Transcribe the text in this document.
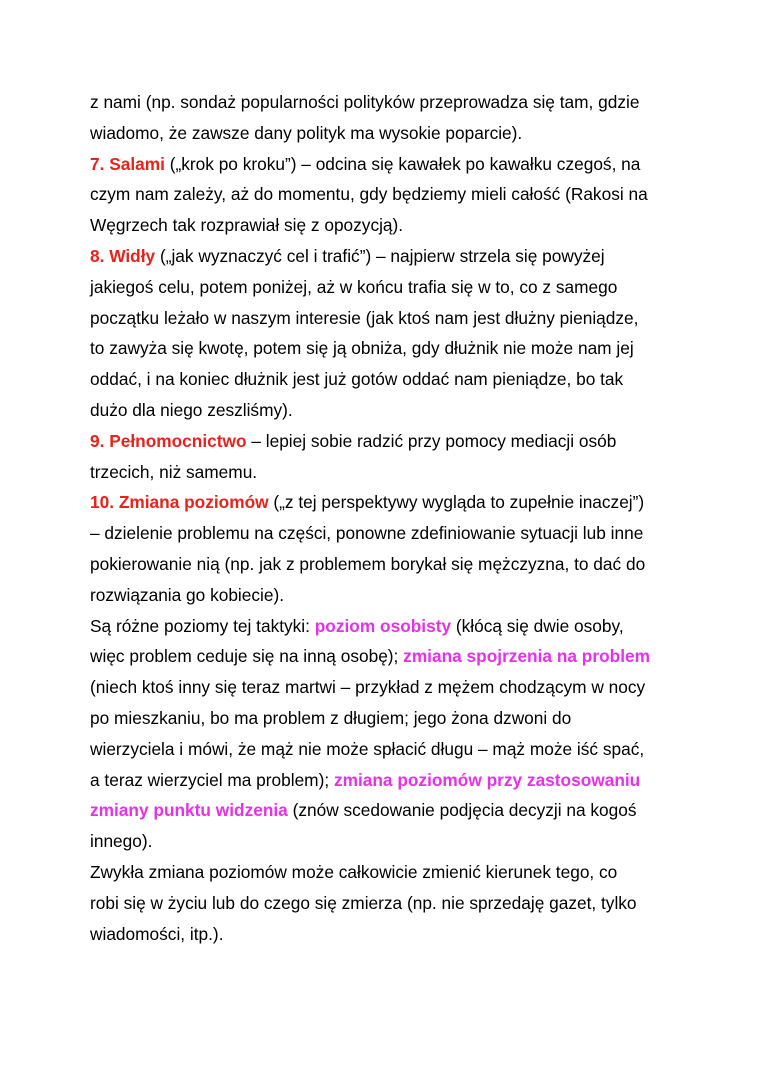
z nami (np. sondaż popularności polityków przeprowadza się tam, gdzie
wiadomo, że zawsze dany polityk ma wysokie poparcie).
7. Salami („krok po kroku”) – odcina się kawałek po kawałku czegoś, na
czym nam zależy, aż do momentu, gdy będziemy mieli całość (Rakosi na
Węgrzech tak rozprawiał się z opozycją).
8. Widły („jak wyznaczyć cel i trafić”) – najpierw strzela się powyżej
jakiegoś celu, potem poniżej, aż w końcu trafia się w to, co z samego
początku leżało w naszym interesie (jak ktoś nam jest dłużny pieniądze,
to zawyża się kwotę, potem się ją obniża, gdy dłużnik nie może nam jej
oddać, i na koniec dłużnik jest już gotów oddać nam pieniądze, bo tak
dużo dla niego zeszliśmy).
9. Pełnomocnictwo – lepiej sobie radzić przy pomocy mediacji osób
trzecich, niż samemu.
10. Zmiana poziomów („z tej perspektywy wygląda to zupełnie inaczej”)
– dzielenie problemu na części, ponowne zdefiniowanie sytuacji lub inne
pokierowanie nią (np. jak z problemem borykał się mężczyzna, to dać do
rozwiązania go kobiecie).
Są różne poziomy tej taktyki: poziom osobisty (kłócą się dwie osoby,
więc problem ceduje się na inną osobę); zmiana spojrzenia na problem
(niech ktoś inny się teraz martwi – przykład z mężem chodzącym w nocy
po mieszkaniu, bo ma problem z długiem; jego żona dzwoni do
wierzyciela i mówi, że mąż nie może spłacić długu – mąż może iść spać,
a teraz wierzyciel ma problem); zmiana poziomów przy zastosowaniu
zmiany punktu widzenia (znów scedowanie podjęcia decyzji na kogoś
innego).
Zwykła zmiana poziomów może całkowicie zmienić kierunek tego, co
robi się w życiu lub do czego się zmierza (np. nie sprzedaję gazet, tylko
wiadomości, itp.).
